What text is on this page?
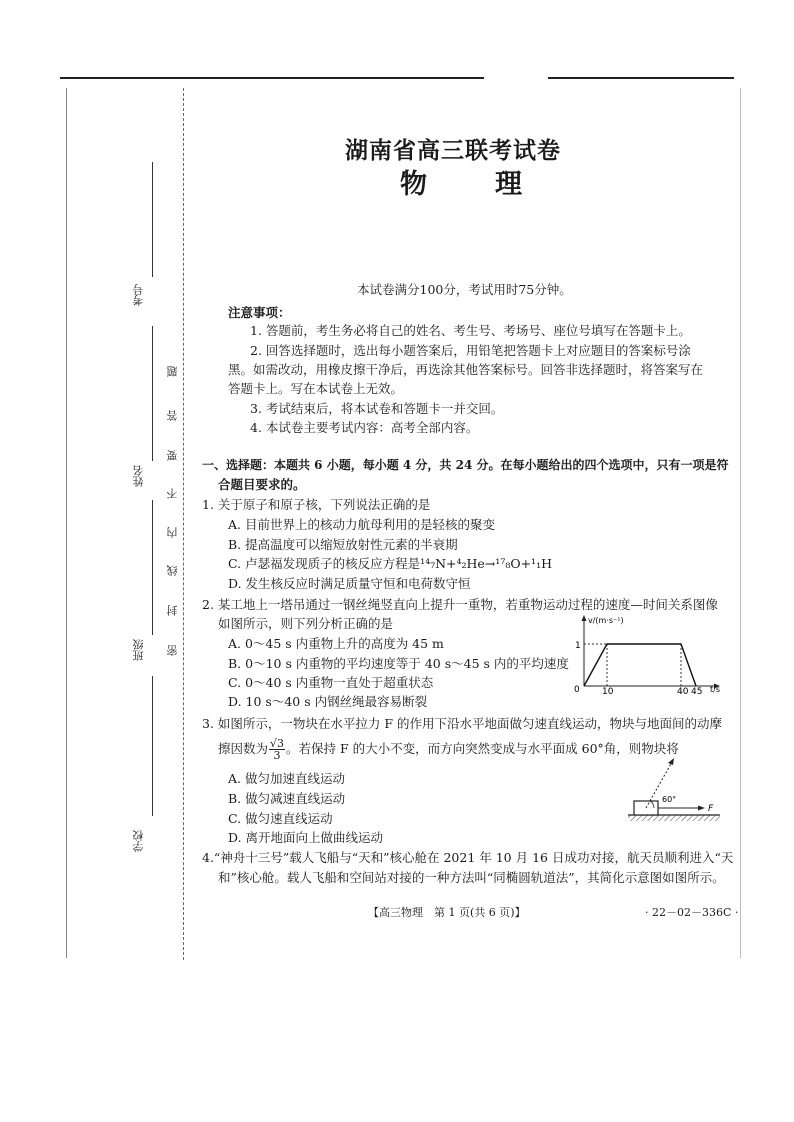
考号
姓名
班级
学校
题
答
要
不
内
线
封
密
湖南省高三联考试卷
物	理
本试卷满分100分，考试用时75分钟。
注意事项：
1. 答题前，考生务必将自己的姓名、考生号、考场号、座位号填写在答题卡上。
2. 回答选择题时，选出每小题答案后，用铅笔把答题卡上对应题目的答案标号涂
黑。如需改动，用橡皮擦干净后，再选涂其他答案标号。回答非选择题时，将答案写在
答题卡上。写在本试卷上无效。
3. 考试结束后，将本试卷和答题卡一并交回。
4. 本试卷主要考试内容：高考全部内容。
一、选择题：本题共 6 小题，每小题 4 分，共 24 分。在每小题给出的四个选项中，只有一项是符
合题目要求的。
1. 关于原子和原子核，下列说法正确的是
A. 目前世界上的核动力航母利用的是轻核的聚变
B. 提高温度可以缩短放射性元素的半衰期
C. 卢瑟福发现质子的核反应方程是¹⁴₇N+⁴₂He→¹⁷₈O+¹₁H
D. 发生核反应时满足质量守恒和电荷数守恒
2. 某工地上一塔吊通过一钢丝绳竖直向上提升一重物，若重物运动过程的速度—时间关系图像
如图所示，则下列分析正确的是
A. 0～45 s 内重物上升的高度为 45 m
B. 0～10 s 内重物的平均速度等于 40 s～45 s 内的平均速度
C. 0～40 s 内重物一直处于超重状态
D. 10 s～40 s 内钢丝绳最容易断裂
v/(m·s⁻¹)
t/s
0
1
10	40 45
3. 如图所示，一物块在水平拉力 F 的作用下沿水平地面做匀速直线运动，物块与地面间的动摩
擦因数为 $\frac{√3}{3}$ 。若保持 F 的大小不变，而方向突然变成与水平面成 60°角，则物块将
A. 做匀加速直线运动
B. 做匀减速直线运动
C. 做匀速直线运动
D. 离开地面向上做曲线运动
F
60°
4.“神舟十三号”载人飞船与“天和”核心舱在 2021 年 10 月 16 日成功对接，航天员顺利进入“天
和”核心舱。载人飞船和空间站对接的一种方法叫“同椭圆轨道法”，其简化示意图如图所示。
【高三物理　第 1 页(共 6 页)】	· 22－02－336C ·
